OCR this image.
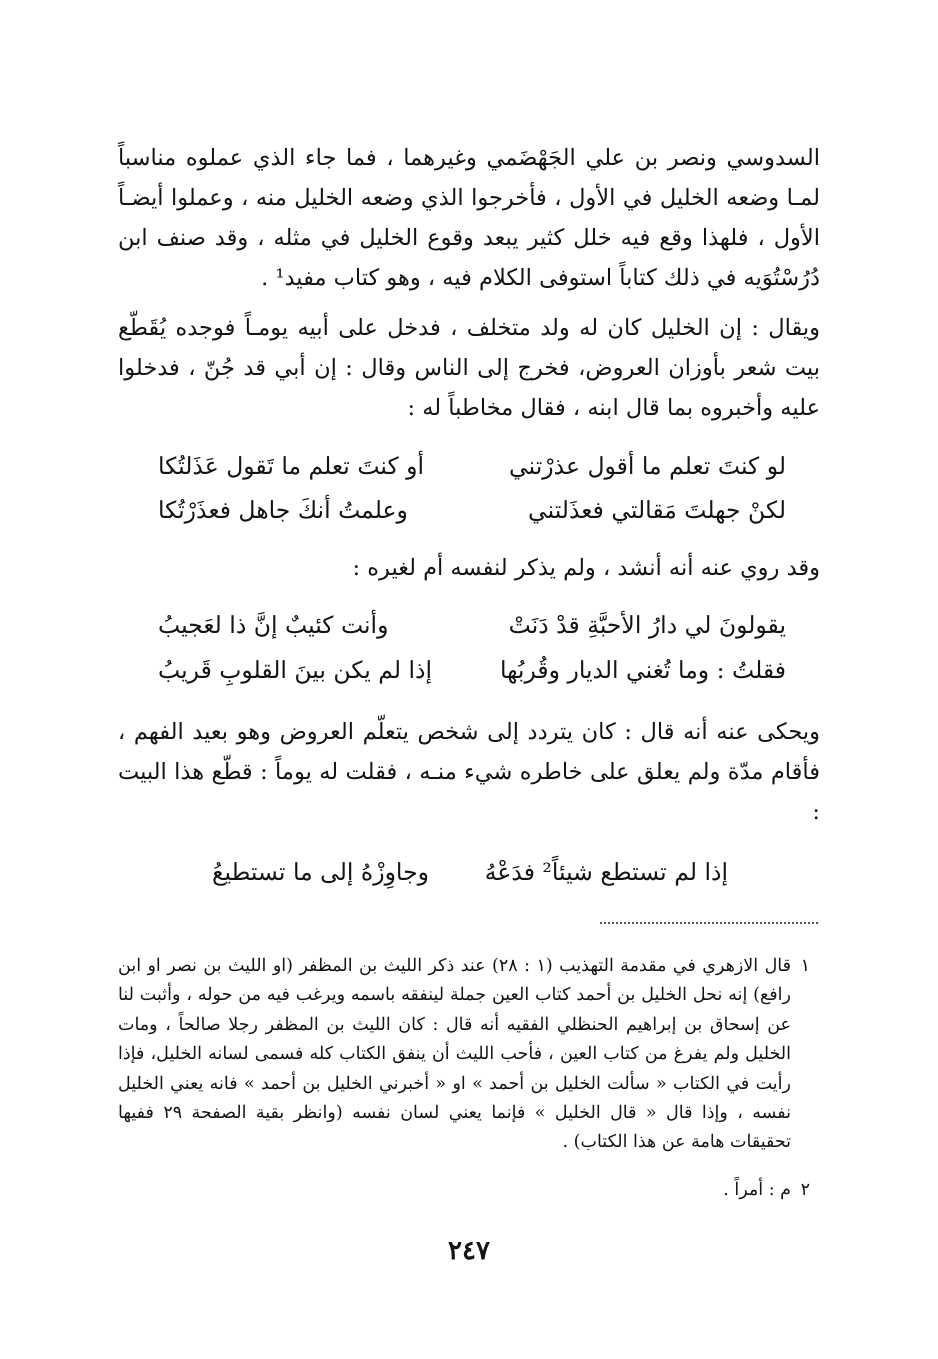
السدوسي ونصر بن علي الجَهْضَمي وغيرهما ، فما جاء الذي عملوه مناسباً لمـا وضعه الخليل في الأول ، فأخرجوا الذي وضعه الخليل منه ، وعملوا أيضـاً الأول ، فلهذا وقع فيه خلل كثير يبعد وقوع الخليل في مثله ، وقد صنف ابن دُرُسْتُوَيه في ذلك كتاباً استوفى الكلام فيه ، وهو كتاب مفيد¹ .

ويقال : إن الخليل كان له ولد متخلف ، فدخل على أبيه يومـاً فوجده يُقَطّع بيت شعر بأوزان العروض، فخرج إلى الناس وقال : إن أبي قد جُنّ ، فدخلوا عليه وأخبروه بما قال ابنه ، فقال مخاطباً له :

لو كنتَ تعلم ما أقول عذرْتني
أو كنتَ تعلم ما تَقول عَذَلتُكا
لكنْ جهلتَ مَقالتي فعذَلتني
وعلمتُ أنكَ جاهل فعذَرْتُكا

وقد روي عنه أنه أنشد ، ولم يذكر لنفسه أم لغيره :

يقولونَ لي دارُ الأحبَّةِ قدْ دَنَتْ
وأنت كئيبٌ إنَّ ذا لعَجيبُ
فقلتُ : وما تُغني الديار وقُربُها
إذا لم يكن بينَ القلوبِ قَريبُ

ويحكى عنه أنه قال : كان يتردد إلى شخص يتعلّم العروض وهو بعيد الفهم ، فأقام مدّة ولم يعلق على خاطره شيء منـه ، فقلت له يوماً : قطّع هذا البيت :

إذا لم تستطع شيئاً² فدَعْهُ
وجاوِزْهُ إلى ما تستطيعُ
١

قال الازهري في مقدمة التهذيب (١ : ٢٨) عند ذكر الليث بن المظفر (او الليث بن نصر او ابن رافع) إنه نحل الخليل بن أحمد كتاب العين جملة لينفقه باسمه ويرغب فيه من حوله ، وأثبت لنا عن إسحاق بن إبراهيم الحنظلي الفقيه أنه قال : كان الليث بن المظفر رجلا صالحاً ، ومات الخليل ولم يفرغ من كتاب العين ، فأحب الليث أن ينفق الكتاب كله فسمى لسانه الخليل، فإذا رأيت في الكتاب « سألت الخليل بن أحمد » او « أخبرني الخليل بن أحمد » فانه يعني الخليل نفسه ، وإذا قال « قال الخليل » فإنما يعني لسان نفسه (وانظر بقية الصفحة ٢٩ ففيها تحقيقات هامة عن هذا الكتاب) .

٢

م : أمراً .

٢٤٧
